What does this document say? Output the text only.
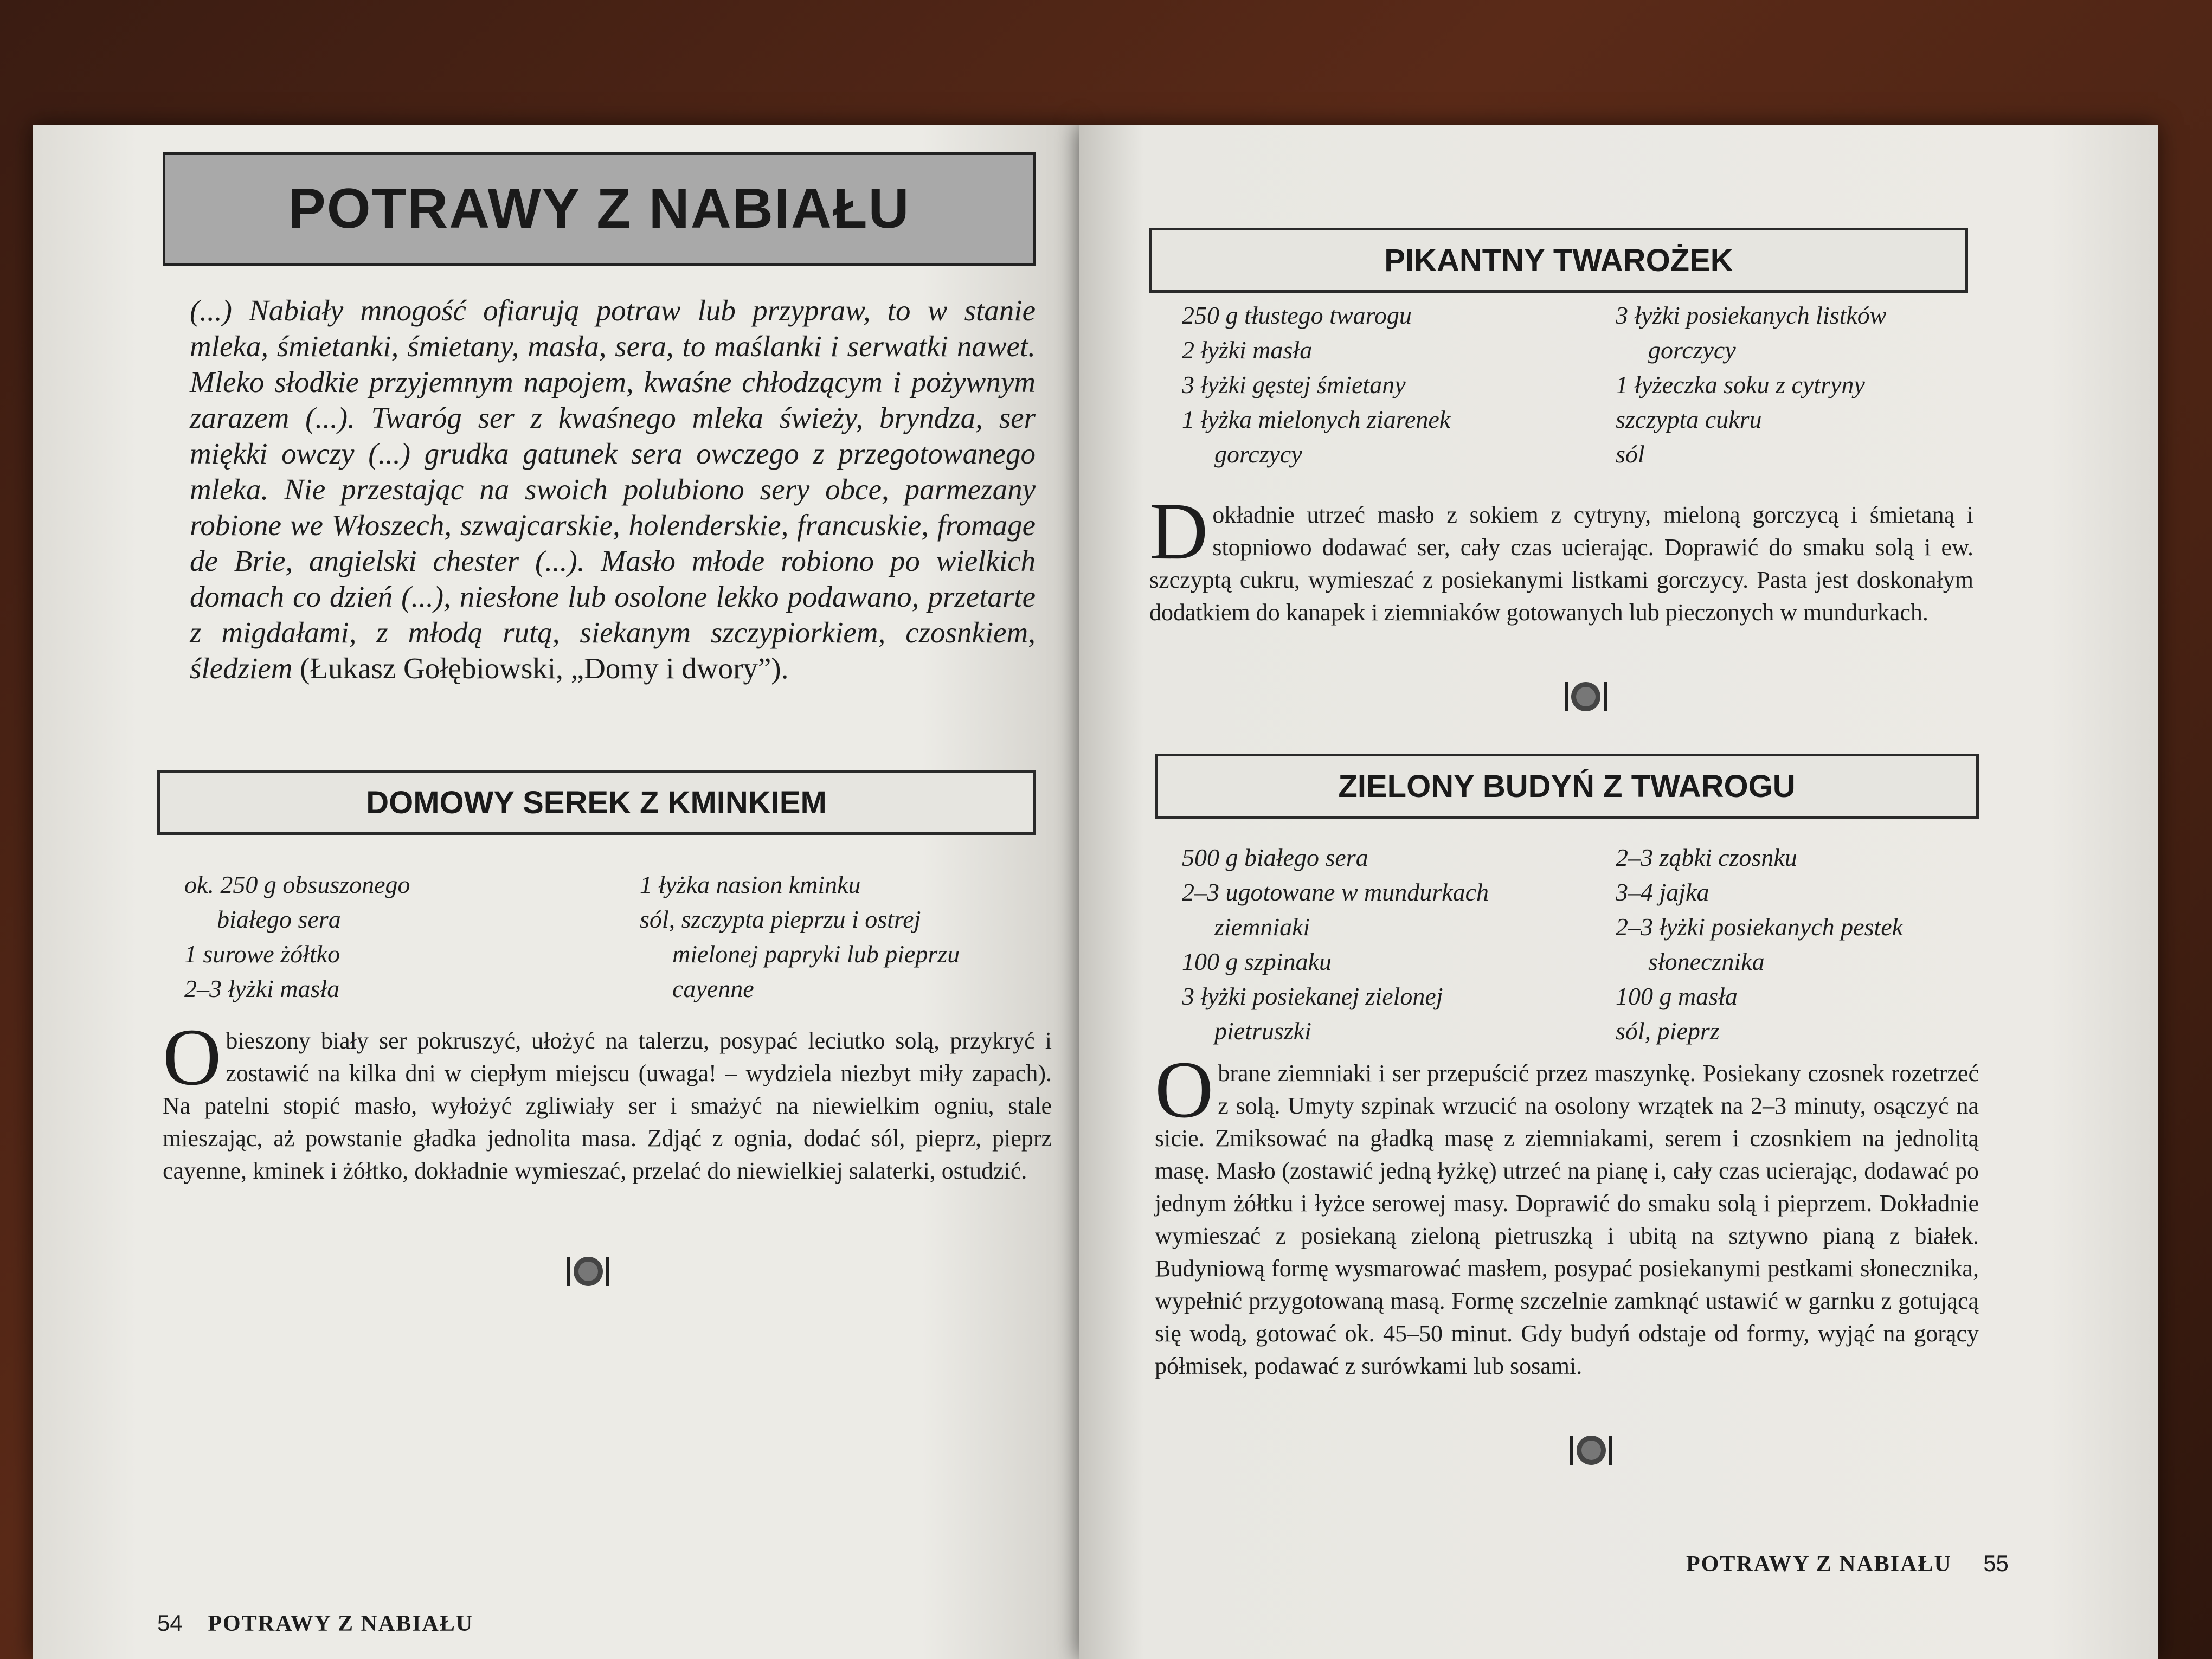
POTRAWY Z NABIAŁU
(...) Nabiały mnogość ofiarują potraw lub przypraw, to w stanie mleka, śmietanki, śmietany, masła, sera, to maślanki i serwatki nawet. Mleko słodkie przyjemnym napojem, kwaśne chłodzącym i pożywnym zarazem (...). Twaróg ser z kwaśnego mleka świeży, bryndza, ser miękki owczy (...) grudka gatunek sera owczego z przegotowanego mleka. Nie przestając na swoich polubiono sery obce, parmezany robione we Włoszech, szwajcarskie, holenderskie, francuskie, fromage de Brie, angielski chester (...). Masło młode robiono po wielkich domach co dzień (...), niesłone lub osolone lekko podawano, przetarte z migdałami, z młodą rutą, siekanym szczypiorkiem, czosnkiem, śledziem (Łukasz Gołębiowski, „Domy i dwory”).
DOMOWY SEREK Z KMINKIEM
ok. 250 g obsuszonego
białego sera
1 surowe żółtko
2–3 łyżki masła
1 łyżka nasion kminku
sól, szczypta pieprzu i ostrej
mielonej papryki lub pieprzu
cayenne
O bieszony biały ser pokruszyć, ułożyć na talerzu, posypać leciutko solą, przykryć i zostawić na kilka dni w ciepłym miejscu (uwaga! – wydziela niezbyt miły zapach). Na patelni stopić masło, wyłożyć zgliwiały ser i smażyć na niewielkim ogniu, stale mieszając, aż powstanie gładka jednolita masa. Zdjąć z ognia, dodać sól, pieprz, pieprz cayenne, kminek i żółtko, dokładnie wymieszać, przelać do niewielkiej salaterki, ostudzić.
54 POTRAWY Z NABIAŁU
PIKANTNY TWAROŻEK
250 g tłustego twarogu
2 łyżki masła
3 łyżki gęstej śmietany
1 łyżka mielonych ziarenek
gorczycy
3 łyżki posiekanych listków
gorczycy
1 łyżeczka soku z cytryny
szczypta cukru
sól
D okładnie utrzeć masło z sokiem z cytryny, mieloną gorczycą i śmietaną i stopniowo dodawać ser, cały czas ucierając. Doprawić do smaku solą i ew. szczyptą cukru, wymieszać z posiekanymi listkami gorczycy. Pasta jest doskonałym dodatkiem do kanapek i ziemniaków gotowanych lub pieczonych w mundurkach.
ZIELONY BUDYŃ Z TWAROGU
500 g białego sera
2–3 ugotowane w mundurkach
ziemniaki
100 g szpinaku
3 łyżki posiekanej zielonej
pietruszki
2–3 ząbki czosnku
3–4 jajka
2–3 łyżki posiekanych pestek
słonecznika
100 g masła
sól, pieprz
O brane ziemniaki i ser przepuścić przez maszynkę. Posiekany czosnek rozetrzeć z solą. Umyty szpinak wrzucić na osolony wrzątek na 2–3 minuty, osączyć na sicie. Zmiksować na gładką masę z ziemniakami, serem i czosnkiem na jednolitą masę. Masło (zostawić jedną łyżkę) utrzeć na pianę i, cały czas ucierając, dodawać po jednym żółtku i łyżce serowej masy. Doprawić do smaku solą i pieprzem. Dokładnie wymieszać z posiekaną zieloną pietruszką i ubitą na sztywno pianą z białek. Budyniową formę wysmarować masłem, posypać posiekanymi pestkami słonecznika, wypełnić przygotowaną masą. Formę szczelnie zamknąć ustawić w garnku z gotującą się wodą, gotować ok. 45–50 minut. Gdy budyń odstaje od formy, wyjąć na gorący półmisek, podawać z surówkami lub sosami.
POTRAWY Z NABIAŁU 55
